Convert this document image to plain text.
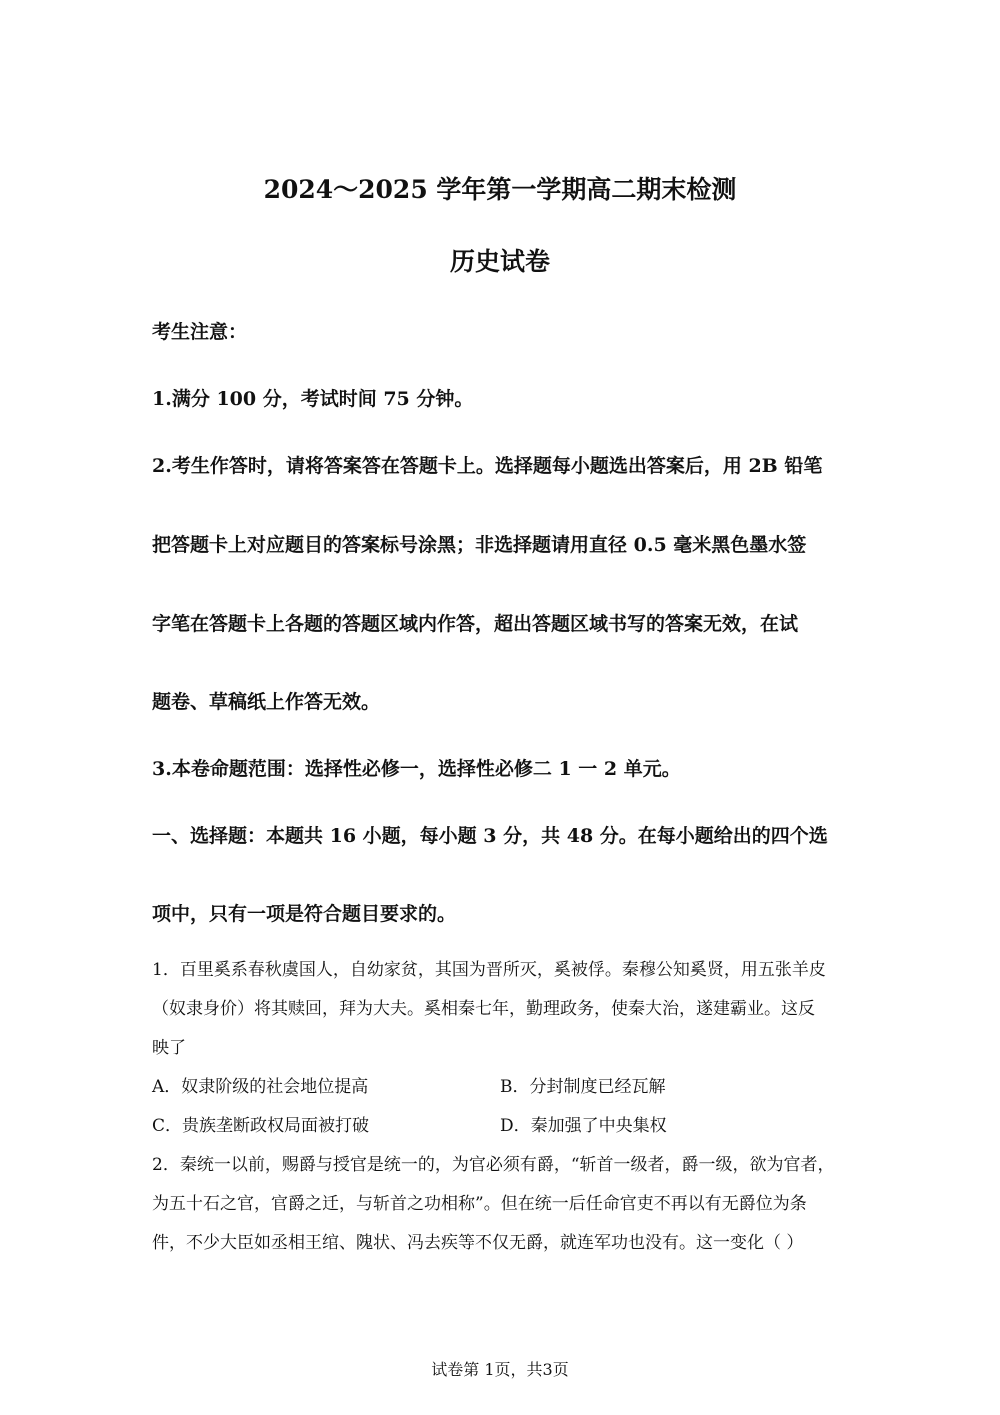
2024～2025 学年第一学期高二期末检测
历史试卷
考生注意：
1.满分 100 分，考试时间 75 分钟。
2.考生作答时，请将答案答在答题卡上。选择题每小题选出答案后，用 2B 铅笔
把答题卡上对应题目的答案标号涂黑；非选择题请用直径 0.5 毫米黑色墨水签
字笔在答题卡上各题的答题区域内作答，超出答题区域书写的答案无效，在试
题卷、草稿纸上作答无效。
3.本卷命题范围：选择性必修一，选择性必修二 1 一 2 单元。
一、选择题：本题共 16 小题，每小题 3 分，共 48 分。在每小题给出的四个选
项中，只有一项是符合题目要求的。
1．百里奚系春秋虞国人，自幼家贫，其国为晋所灭，奚被俘。秦穆公知奚贤，用五张羊皮
（奴隶身价）将其赎回，拜为大夫。奚相秦七年，勤理政务，使秦大治，遂建霸业。这反
映了
A．奴隶阶级的社会地位提高	B．分封制度已经瓦解
C．贵族垄断政权局面被打破	D．秦加强了中央集权
2．秦统一以前，赐爵与授官是统一的，为官必须有爵，“斩首一级者，爵一级，欲为官者，
为五十石之官，官爵之迁，与斩首之功相称”。但在统一后任命官吏不再以有无爵位为条
件，不少大臣如丞相王绾、隗状、冯去疾等不仅无爵，就连军功也没有。这一变化（ ）
试卷第 1页，共3页
